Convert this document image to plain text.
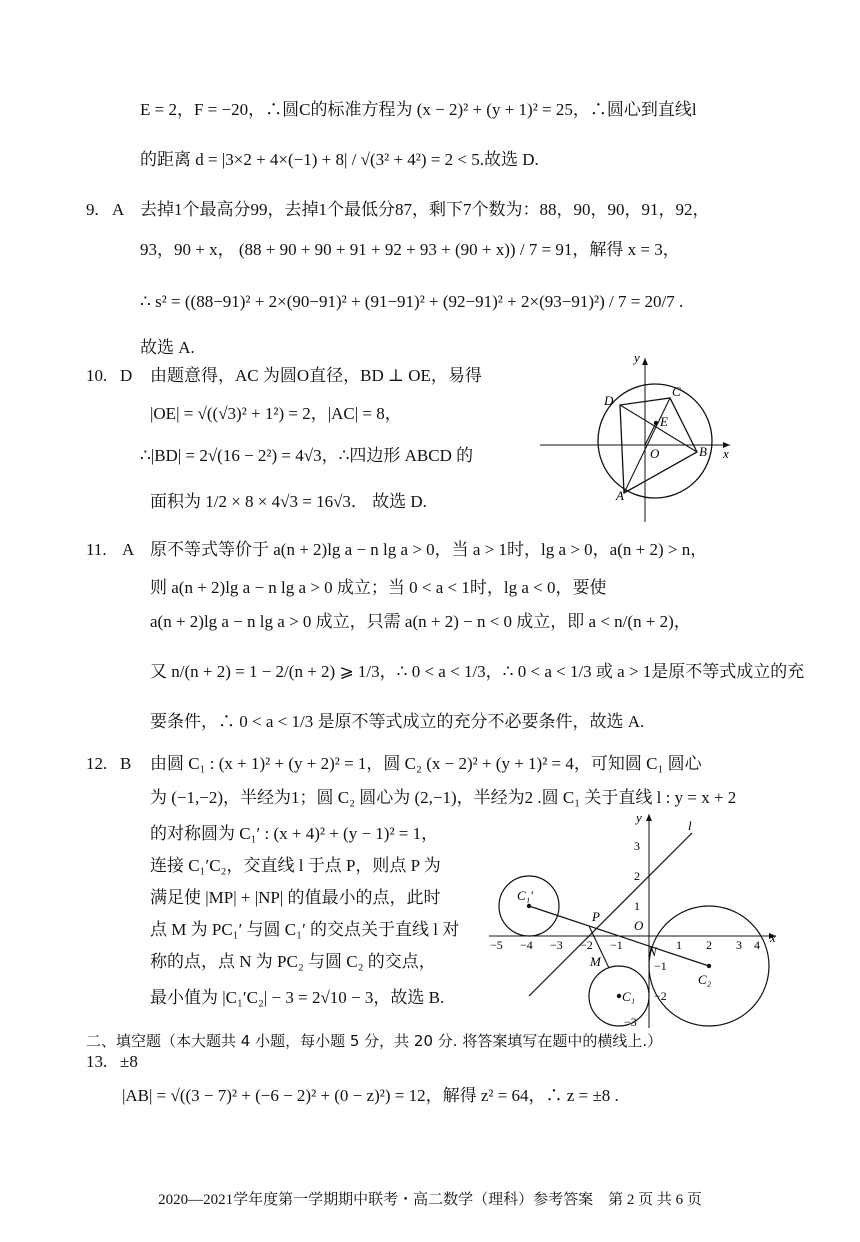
E = 2，F = −20，∴圆C的标准方程为 (x − 2)² + (y + 1)² = 25，∴圆心到直线l
的距离 d = |3×2 + 4×(−1) + 8| / √(3² + 4²) = 2 < 5.故选 D.
9. A 去掉1个最高分99，去掉1个最低分87，剩下7个数为：88，90，90，91，92，
93，90 + x， (88 + 90 + 90 + 91 + 92 + 93 + (90 + x)) / 7 = 91，解得 x = 3，
∴ s² = ((88−91)² + 2×(90−91)² + (91−91)² + (92−91)² + 2×(93−91)²) / 7 = 20/7 .
故选 A.
10. D 由题意得，AC 为圆O直径，BD ⊥ OE，易得
|OE| = √((√3)² + 1²) = 2，|AC| = 8，
∴|BD| = 2√(16 − 2²) = 4√3，∴四边形 ABCD 的
面积为 1/2 × 8 × 4√3 = 16√3． 故选 D.
x
y
D
C
E
O	B
A
11. A 原不等式等价于 a(n + 2)lg a − n lg a > 0，当 a > 1时，lg a > 0，a(n + 2) > n，
则 a(n + 2)lg a − n lg a > 0 成立；当 0 < a < 1时，lg a < 0，要使
a(n + 2)lg a − n lg a > 0 成立，只需 a(n + 2) − n < 0 成立，即 a < n/(n + 2)，
又 n/(n + 2) = 1 − 2/(n + 2) ⩾ 1/3，∴ 0 < a < 1/3，∴ 0 < a < 1/3 或 a > 1是原不等式成立的充
要条件，∴ 0 < a < 1/3 是原不等式成立的充分不必要条件，故选 A.
12. B 由圆 C₁ : (x + 1)² + (y + 2)² = 1，圆 C₂ (x − 2)² + (y + 1)² = 4，可知圆 C₁ 圆心
为 (−1,−2)，半经为1；圆 C₂ 圆心为 (2,−1)，半经为2 .圆 C₁ 关于直线 l : y = x + 2
的对称圆为 C₁′ : (x + 4)² + (y − 1)² = 1，
连接 C₁′C₂，交直线 l 于点 P，则点 P 为
满足使 |MP| + |NP| 的值最小的点，此时
点 M 为 PC₁′ 与圆 C₁′ 的交点关于直线 l 对
称的点，点 N 为 PC₂ 与圆 C₂ 的交点，
最小值为 |C₁′C₂| − 3 = 2√10 − 3，故选 B.
x
y
−5 −4 −3 −2 −1	1 2 3 4
3
2
1
−1
−2
−3
l
C₁′
C₁
C₂
P
M
N
O
二、填空题（本大题共 4 小题，每小题 5 分，共 20 分. 将答案填写在题中的横线上.）
13. ±8
|AB| = √((3 − 7)² + (−6 − 2)² + (0 − z)²) = 12，解得 z² = 64，∴ z = ±8 .
2020—2021学年度第一学期期中联考・高二数学（理科）参考答案　第 2 页 共 6 页
